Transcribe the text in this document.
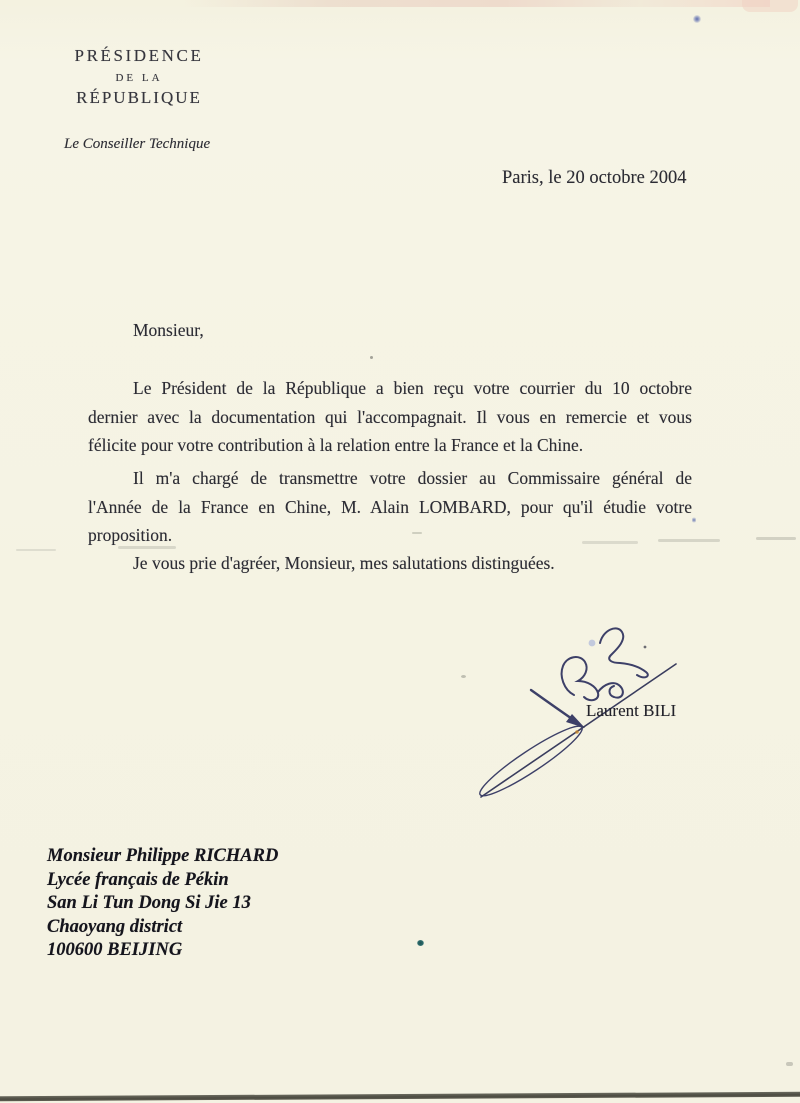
PRÉSIDENCE
DE LA
RÉPUBLIQUE
Le Conseiller Technique
Paris, le 20 octobre 2004
Monsieur,
Le Président de la République a bien reçu votre courrier du 10 octobre
dernier avec la documentation qui l'accompagnait. Il vous en remercie et vous
félicite pour votre contribution à la relation entre la France et la Chine.
Il m'a chargé de transmettre votre dossier au Commissaire général de
l'Année de la France en Chine, M. Alain LOMBARD, pour qu'il étudie votre
proposition.
Je vous prie d'agréer, Monsieur, mes salutations distinguées.
Laurent BILI
Monsieur Philippe RICHARD
Lycée français de Pékin
San Li Tun Dong Si Jie 13
Chaoyang district
100600 BEIJING
